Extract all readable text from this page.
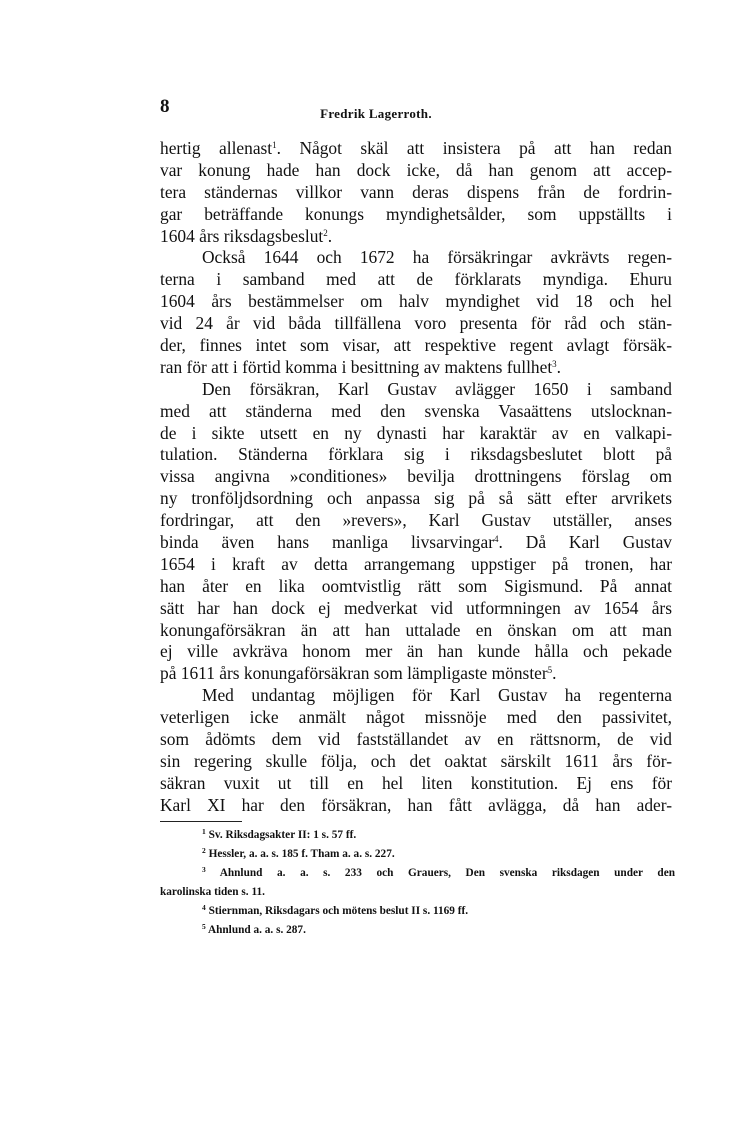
8	Fredrik Lagerroth.
hertig allenast$^1$. Något skäl att insistera på att han redan
var konung hade han dock icke, då han genom att accep-
tera ständernas villkor vann deras dispens från de fordrin-
gar beträffande konungs myndighetsålder, som uppställts i
1604 års riksdagsbeslut$^2$.
Också 1644 och 1672 ha försäkringar avkrävts regen-
terna i samband med att de förklarats myndiga. Ehuru
1604 års bestämmelser om halv myndighet vid 18 och hel
vid 24 år vid båda tillfällena voro presenta för råd och stän-
der, finnes intet som visar, att respektive regent avlagt försäk-
ran för att i förtid komma i besittning av maktens fullhet$^3$.
Den försäkran, Karl Gustav avlägger 1650 i samband
med att ständerna med den svenska Vasaättens utslocknan-
de i sikte utsett en ny dynasti har karaktär av en valkapi-
tulation. Ständerna förklara sig i riksdagsbeslutet blott på
vissa angivna »conditiones» bevilja drottningens förslag om
ny tronföljdsordning och anpassa sig på så sätt efter arvrikets
fordringar, att den »revers», Karl Gustav utställer, anses
binda även hans manliga livsarvingar$^4$. Då Karl Gustav
1654 i kraft av detta arrangemang uppstiger på tronen, har
han åter en lika oomtvistlig rätt som Sigismund. På annat
sätt har han dock ej medverkat vid utformningen av 1654 års
konungaförsäkran än att han uttalade en önskan om att man
ej ville avkräva honom mer än han kunde hålla och pekade
på 1611 års konungaförsäkran som lämpligaste mönster$^5$.
Med undantag möjligen för Karl Gustav ha regenterna
veterligen icke anmält något missnöje med den passivitet,
som ådömts dem vid fastställandet av en rättsnorm, de vid
sin regering skulle följa, och det oaktat särskilt 1611 års för-
säkran vuxit ut till en hel liten konstitution. Ej ens för
Karl XI har den försäkran, han fått avlägga, då han ader-
$^1$ Sv. Riksdagsakter II: 1 s. 57 ff.
$^2$ Hessler, a. a. s. 185 f. Tham a. a. s. 227.
$^3$ Ahnlund a. a. s. 233 och Grauers, Den svenska riksdagen under den
karolinska tiden s. 11.
$^4$ Stiernman, Riksdagars och mötens beslut II s. 1169 ff.
$^5$ Ahnlund a. a. s. 287.
